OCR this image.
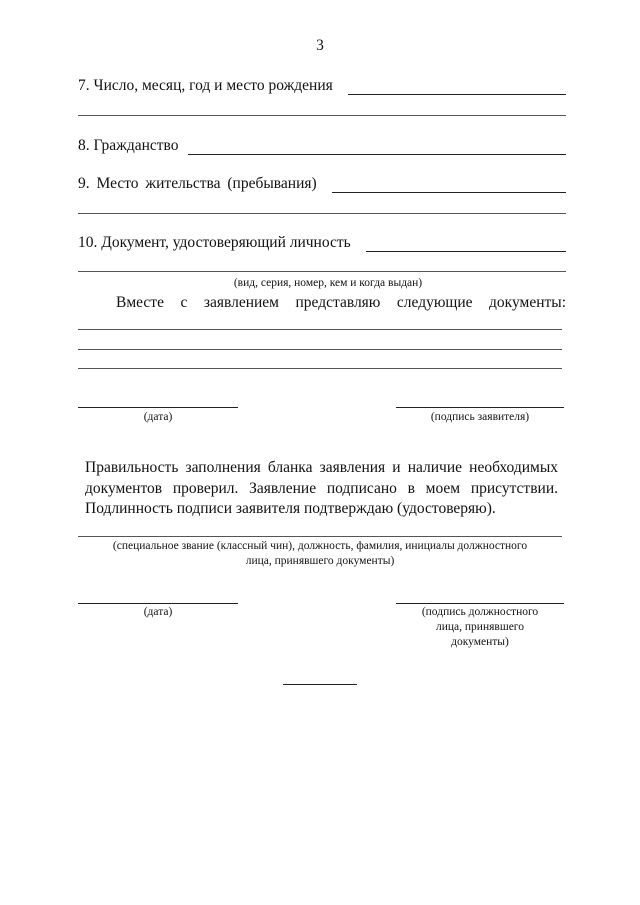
3
7. Число, месяц, год и место рождения
8. Гражданство
9. Место жительства (пребывания)
10. Документ, удостоверяющий личность
(вид, серия, номер, кем и когда выдан)
Вместе с заявлением представляю следующие документы:
(дата)	(подпись заявителя)
Правильность заполнения бланка заявления и наличие необходимых
документов проверил. Заявление подписано в моем присутствии.
Подлинность подписи заявителя подтверждаю (удостоверяю).
(специальное звание (классный чин), должность, фамилия, инициалы должностного
лица, принявшего документы)
(дата)	(подпись должностного
лица, принявшего
документы)
